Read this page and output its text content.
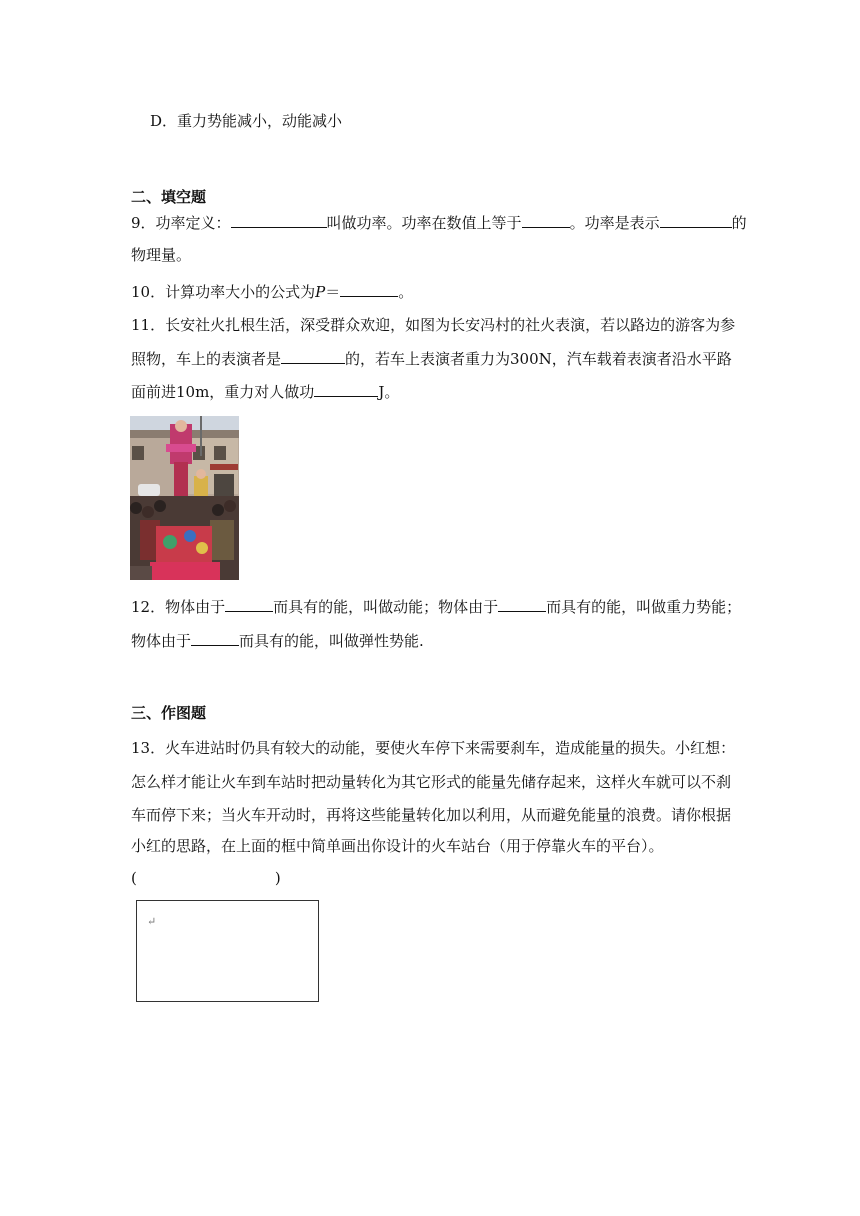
D．重力势能减小，动能减小
二、填空题
9．功率定义：	叫做功率。功率在数值上等于	。功率是表示	的
物理量。
10．计算功率大小的公式为P＝	。
11．长安社火扎根生活，深受群众欢迎，如图为长安冯村的社火表演，若以路边的游客为参
照物，车上的表演者是	的，若车上表演者重力为300N，汽车载着表演者沿水平路
面前进10m，重力对人做功	J。
12．物体由于	而具有的能，叫做动能；物体由于	而具有的能，叫做重力势能；
物体由于	而具有的能，叫做弹性势能.
三、作图题
13．火车进站时仍具有较大的动能，要使火车停下来需要刹车，造成能量的损失。小红想：
怎么样才能让火车到车站时把动量转化为其它形式的能量先储存起来，这样火车就可以不刹
车而停下来；当火车开动时，再将这些能量转化加以利用，从而避免能量的浪费。请你根据
小红的思路，在上面的框中简单画出你设计的火车站台（用于停靠火车的平台）。
(	)
↵
